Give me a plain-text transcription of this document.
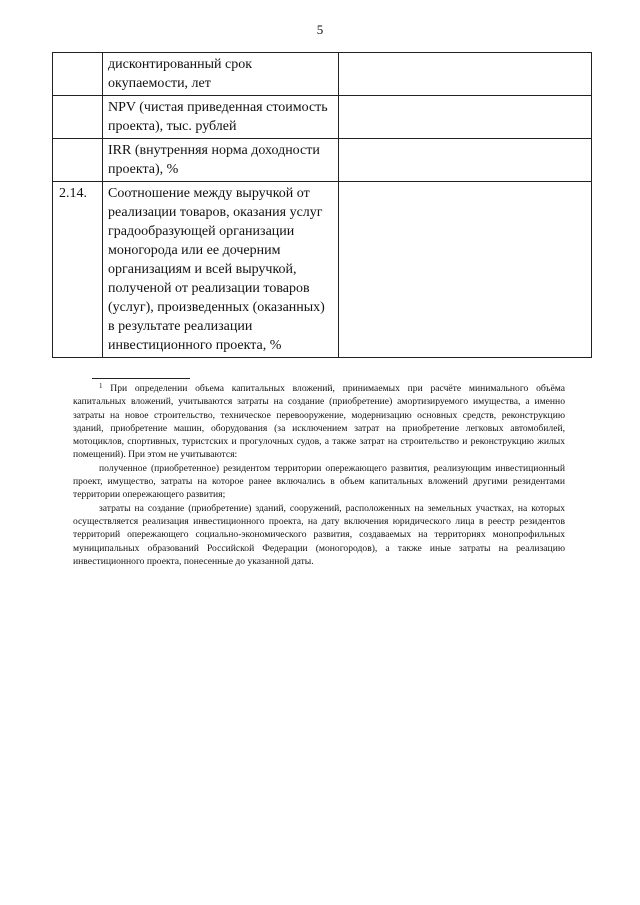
5
	дисконтированный срок окупаемости, лет	
	NPV (чистая приведенная стоимость проекта), тыс. рублей	
	IRR (внутренняя норма доходности проекта), %	
2.14.	Соотношение между выручкой от реализации товаров, оказания услуг градообразующей организации моногорода или ее дочерним организациям и всей выручкой, полученой от реализации товаров (услуг), произведенных (оказанных) в результате реализации инвестиционного проекта, %	

$^1$ При определении объема капитальных вложений, принимаемых при расчёте минимального объёма капитальных вложений, учитываются затраты на создание (приобретение) амортизируемого имущества, а именно затраты на новое строительство, техническое перевооружение, модернизацию основных средств, реконструкцию зданий, приобретение машин, оборудования (за исключением затрат на приобретение легковых автомобилей, мотоциклов, спортивных, туристских и прогулочных судов, а также затрат на строительство и реконструкцию жилых помещений). При этом не учитываются:

полученное (приобретенное) резидентом территории опережающего развития, реализующим инвестиционный проект, имущество, затраты на которое ранее включались в объем капитальных вложений другими резидентами территории опережающего развития;

затраты на создание (приобретение) зданий, сооружений, расположенных на земельных участках, на которых осуществляется реализация инвестиционного проекта, на дату включения юридического лица в реестр резидентов территорий опережающего социально-экономического развития, создаваемых на территориях монопрофильных муниципальных образований Российской Федерации (моногородов), а также иные затраты на реализацию инвестиционного проекта, понесенные до указанной даты.
